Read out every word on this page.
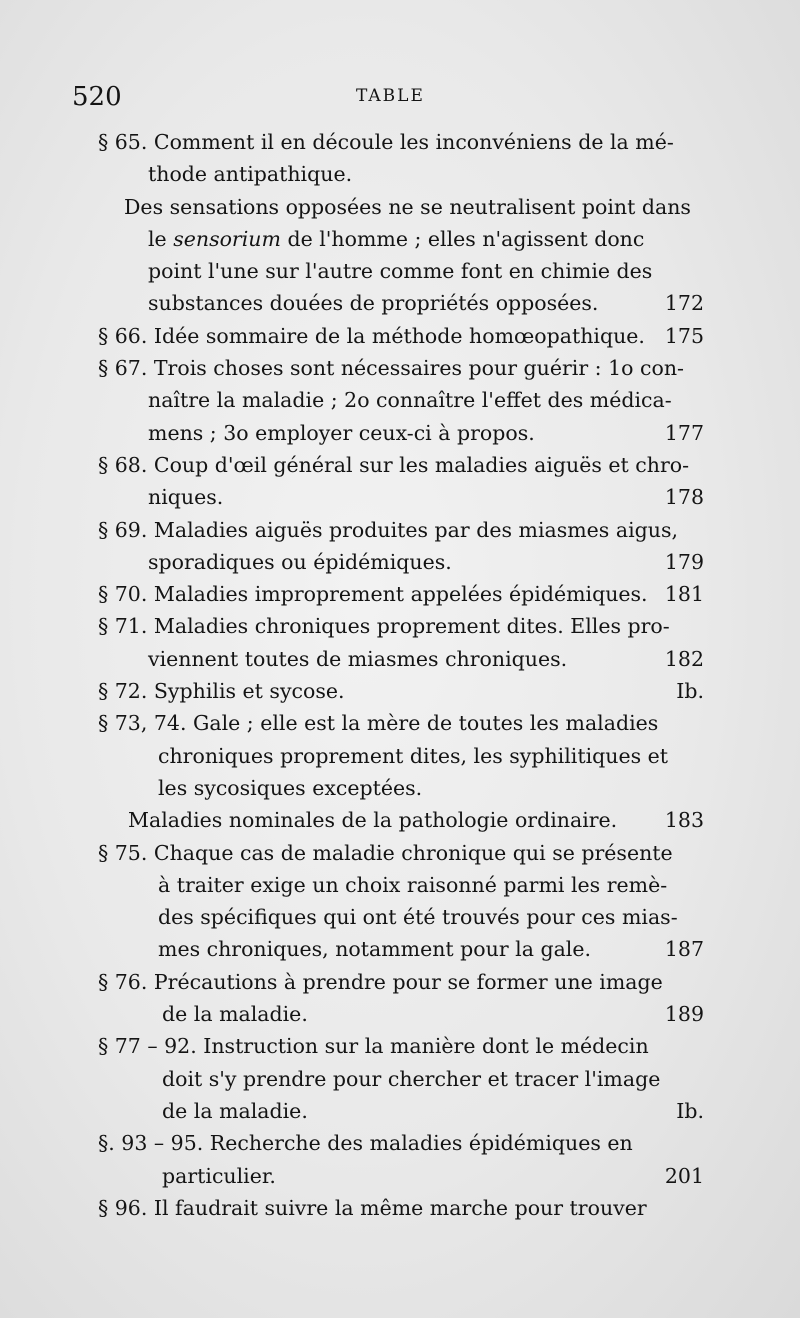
520	TABLE
§ 65. Comment il en découle les inconvéniens de la mé-
thode antipathique.
Des sensations opposées ne se neutralisent point dans
le sensorium de l'homme ; elles n'agissent donc
point l'une sur l'autre comme font en chimie des
substances douées de propriétés opposées.	172
§ 66. Idée sommaire de la méthode homœopathique. 175
§ 67. Trois choses sont nécessaires pour guérir : 1o con-
naître la maladie ; 2o connaître l'effet des médica-
mens ; 3o employer ceux-ci à propos.	177
§ 68. Coup d'œil général sur les maladies aiguës et chro-
niques.	178
§ 69. Maladies aiguës produites par des miasmes aigus,
sporadiques ou épidémiques.	179
§ 70. Maladies improprement appelées épidémiques. 181
§ 71. Maladies chroniques proprement dites. Elles pro-
viennent toutes de miasmes chroniques.	182
§ 72. Syphilis et sycose.	Ib.
§ 73, 74. Gale ; elle est la mère de toutes les maladies
chroniques proprement dites, les syphilitiques et
les sycosiques exceptées.
Maladies nominales de la pathologie ordinaire. 183
§ 75. Chaque cas de maladie chronique qui se présente
à traiter exige un choix raisonné parmi les remè-
des spécifiques qui ont été trouvés pour ces mias-
mes chroniques, notamment pour la gale.	187
§ 76. Précautions à prendre pour se former une image
de la maladie.	189
§ 77 – 92. Instruction sur la manière dont le médecin
doit s'y prendre pour chercher et tracer l'image
de la maladie.	Ib.
§. 93 – 95. Recherche des maladies épidémiques en
particulier.	201
§ 96. Il faudrait suivre la même marche pour trouver
